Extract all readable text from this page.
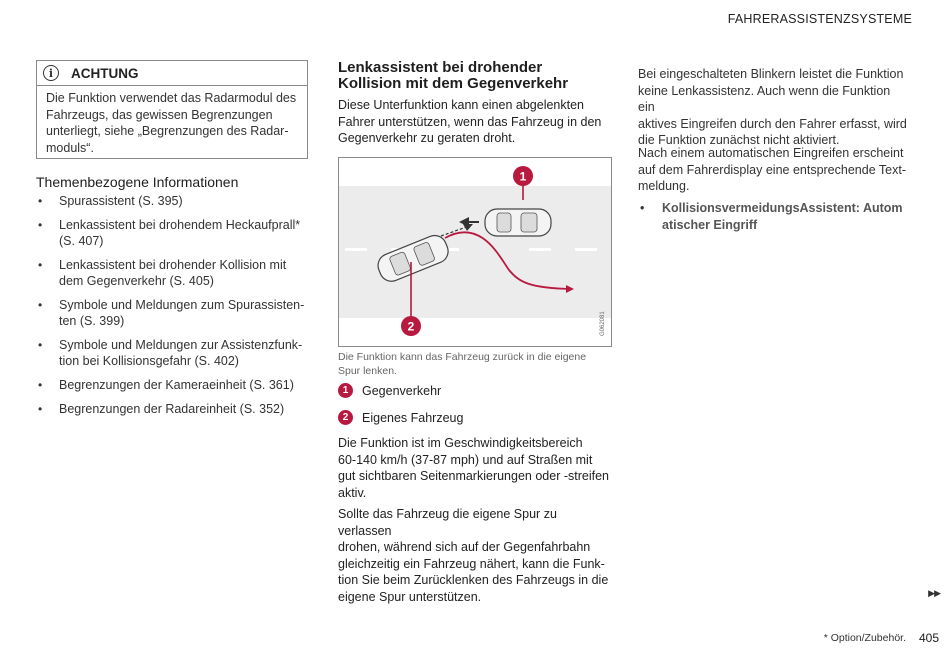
FAHRERASSISTENZSYSTEME
i	ACHTUNG
Die Funktion verwendet das Radarmodul des
Fahrzeugs, das gewissen Begrenzungen
unterliegt, siehe „Begrenzungen des Radar-
moduls“.
Themenbezogene Informationen
• Spurassistent (S. 395)
• Lenkassistent bei drohendem Heckaufprall*
(S. 407)
• Lenkassistent bei drohender Kollision mit
dem Gegenverkehr (S. 405)
• Symbole und Meldungen zum Spurassisten-
ten (S. 399)
• Symbole und Meldungen zur Assistenzfunk-
tion bei Kollisionsgefahr (S. 402)
• Begrenzungen der Kameraeinheit (S. 361)
• Begrenzungen der Radareinheit (S. 352)
Lenkassistent bei drohender
Kollision mit dem Gegenverkehr
Diese Unterfunktion kann einen abgelenkten
Fahrer unterstützen, wenn das Fahrzeug in den
Gegenverkehr zu geraten droht.
1
2	G062081
Die Funktion kann das Fahrzeug zurück in die eigene
Spur lenken.
1	Gegenverkehr
2	Eigenes Fahrzeug
Die Funktion ist im Geschwindigkeitsbereich
60-140 km/h (37-87 mph) und auf Straßen mit
gut sichtbaren Seitenmarkierungen oder -streifen
aktiv.
Sollte das Fahrzeug die eigene Spur zu verlassen
drohen, während sich auf der Gegenfahrbahn
gleichzeitig ein Fahrzeug nähert, kann die Funk-
tion Sie beim Zurücklenken des Fahrzeugs in die
eigene Spur unterstützen.
Bei eingeschalteten Blinkern leistet die Funktion
keine Lenkassistenz. Auch wenn die Funktion ein
aktives Eingreifen durch den Fahrer erfasst, wird
die Funktion zunächst nicht aktiviert.
Nach einem automatischen Eingreifen erscheint
auf dem Fahrerdisplay eine entsprechende Text-
meldung.
• KollisionsvermeidungsAssistent: Autom
atischer Eingriff
▶▶
* Option/Zubehör. 405
